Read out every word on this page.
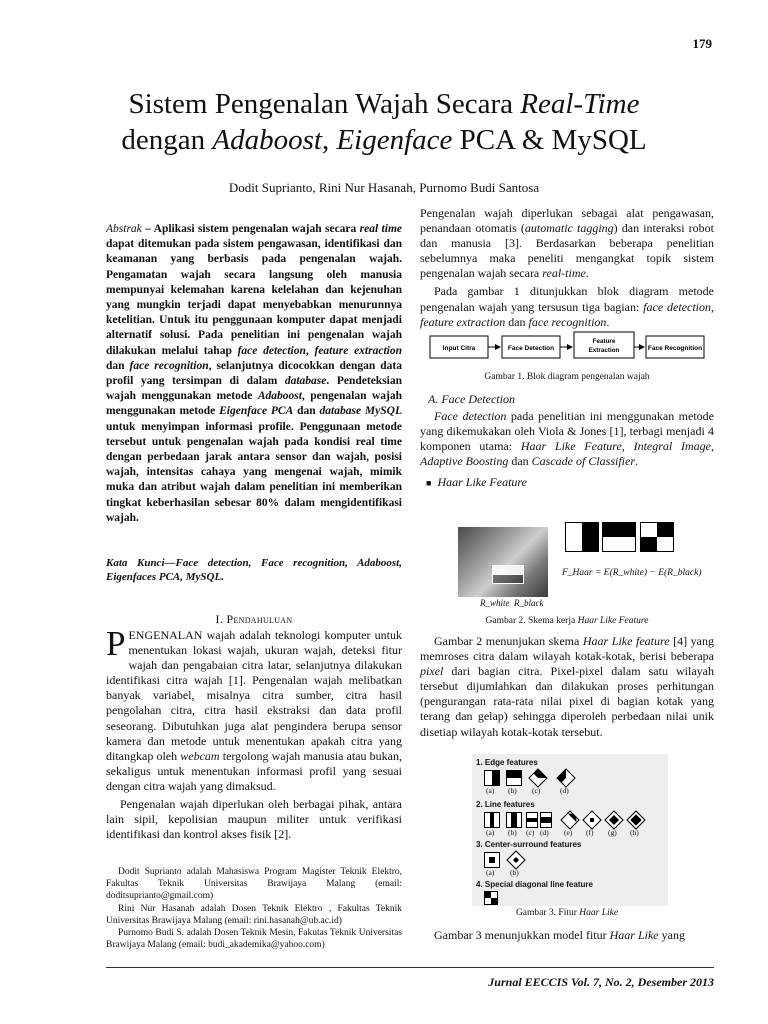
179
Sistem Pengenalan Wajah Secara Real-Time
dengan Adaboost, Eigenface PCA & MySQL
Dodit Suprianto, Rini Nur Hasanah, Purnomo Budi Santosa
Abstrak – Aplikasi sistem pengenalan wajah secara real time dapat ditemukan pada sistem pengawasan, identifikasi dan keamanan yang berbasis pada pengenalan wajah. Pengamatan wajah secara langsung oleh manusia mempunyai kelemahan karena kelelahan dan kejenuhan yang mungkin terjadi dapat menyebabkan menurunnya ketelitian. Untuk itu penggunaan komputer dapat menjadi alternatif solusi. Pada penelitian ini pengenalan wajah dilakukan melalui tahap face detection, feature extraction dan face recognition, selanjutnya dicocokkan dengan data profil yang tersimpan di dalam database. Pendeteksian wajah menggunakan metode Adaboost, pengenalan wajah menggunakan metode Eigenface PCA dan database MySQL untuk menyimpan informasi profile. Penggunaan metode tersebut untuk pengenalan wajah pada kondisi real time dengan perbedaan jarak antara sensor dan wajah, posisi wajah, intensitas cahaya yang mengenai wajah, mimik muka dan atribut wajah dalam penelitian ini memberikan tingkat keberhasilan sebesar 80% dalam mengidentifikasi wajah.
Kata Kunci—Face detection, Face recognition, Adaboost, Eigenfaces PCA, MySQL.
I. Pendahuluan

PENGENALAN wajah adalah teknologi komputer untuk menentukan lokasi wajah, ukuran wajah, deteksi fitur wajah dan pengabaian citra latar, selanjutnya dilakukan identifikasi citra wajah [1]. Pengenalan wajah melibatkan banyak variabel, misalnya citra sumber, citra hasil pengolahan citra, citra hasil ekstraksi dan data profil seseorang. Dibutuhkan juga alat pengindera berupa sensor kamera dan metode untuk menentukan apakah citra yang ditangkap oleh webcam tergolong wajah manusia atau bukan, sekaligus untuk menentukan informasi profil yang sesuai dengan citra wajah yang dimaksud.

Pengenalan wajah diperlukan oleh berbagai pihak, antara lain sipil, kepolisian maupun militer untuk verifikasi identifikasi dan kontrol akses fisik [2].

Dodit Suprianto adalah Mahasiswa Program Magister Teknik Elektro, Fakultas Teknik Universitas Brawijaya Malang (email: doditsuprianto@gmail.com)

Rini Nur Hasanah adalah Dosen Teknik Elektro , Fakultas Teknik Universitas Brawijaya Malang (email: rini.hasanah@ub.ac.id)

Purnomo Budi S. adalah Dosen Teknik Mesin, Fakutas Teknik Universitas Brawijaya Malang (email: budi_akademika@yahoo.com)

Pengenalan wajah diperlukan sebagai alat pengawasan, penandaan otomatis (automatic tagging) dan interaksi robot dan manusia [3]. Berdasarkan beberapa penelitian sebelumnya maka peneliti mengangkat topik sistem pengenalan wajah secara real-time.

Pada gambar 1 ditunjukkan blok diagram metode pengenalan wajah yang tersusun tiga bagian: face detection, feature extraction dan face recognition.

Input Citra	Face Detection
Feature
Extraction	Face Recognition
Gambar 1. Blok diagram pengenalan wajah

A. Face Detection

Face detection pada penelitian ini menggunakan metode yang dikemukakan oleh Viola & Jones [1], terbagi menjadi 4 komponen utama: Haar Like Feature, Integral Image, Adaptive Boosting dan Cascade of Classifier.

■ Haar Like Feature

R_white R_black
F_Haar = E(R_white) − E(R_black)
Gambar 2. Skema kerja Haar Like Feature

Gambar 2 menunjukan skema Haar Like feature [4] yang memroses citra dalam wilayah kotak-kotak, berisi beberapa pixel dari bagian citra. Pixel-pixel dalam satu wilayah tersebut dijumlahkan dan dilakukan proses perhitungan (pengurangan rata-rata nilai pixel di bagian kotak yang terang dan gelap) sehingga diperoleh perbedaan nilai unik disetiap wilayah kotak-kotak tersebut.

1. Edge features
(a) (b) (c)	(d)
2. Line features
(a) (b) (c) (d) (e) (f) (g) (h)
3. Center-surround features
(a) (b)
4. Special diagonal line feature
Gambar 3. Fitur Haar Like

Gambar 3 menunjukkan model fitur Haar Like yang

Jurnal EECCIS Vol. 7, No. 2, Desember 2013
